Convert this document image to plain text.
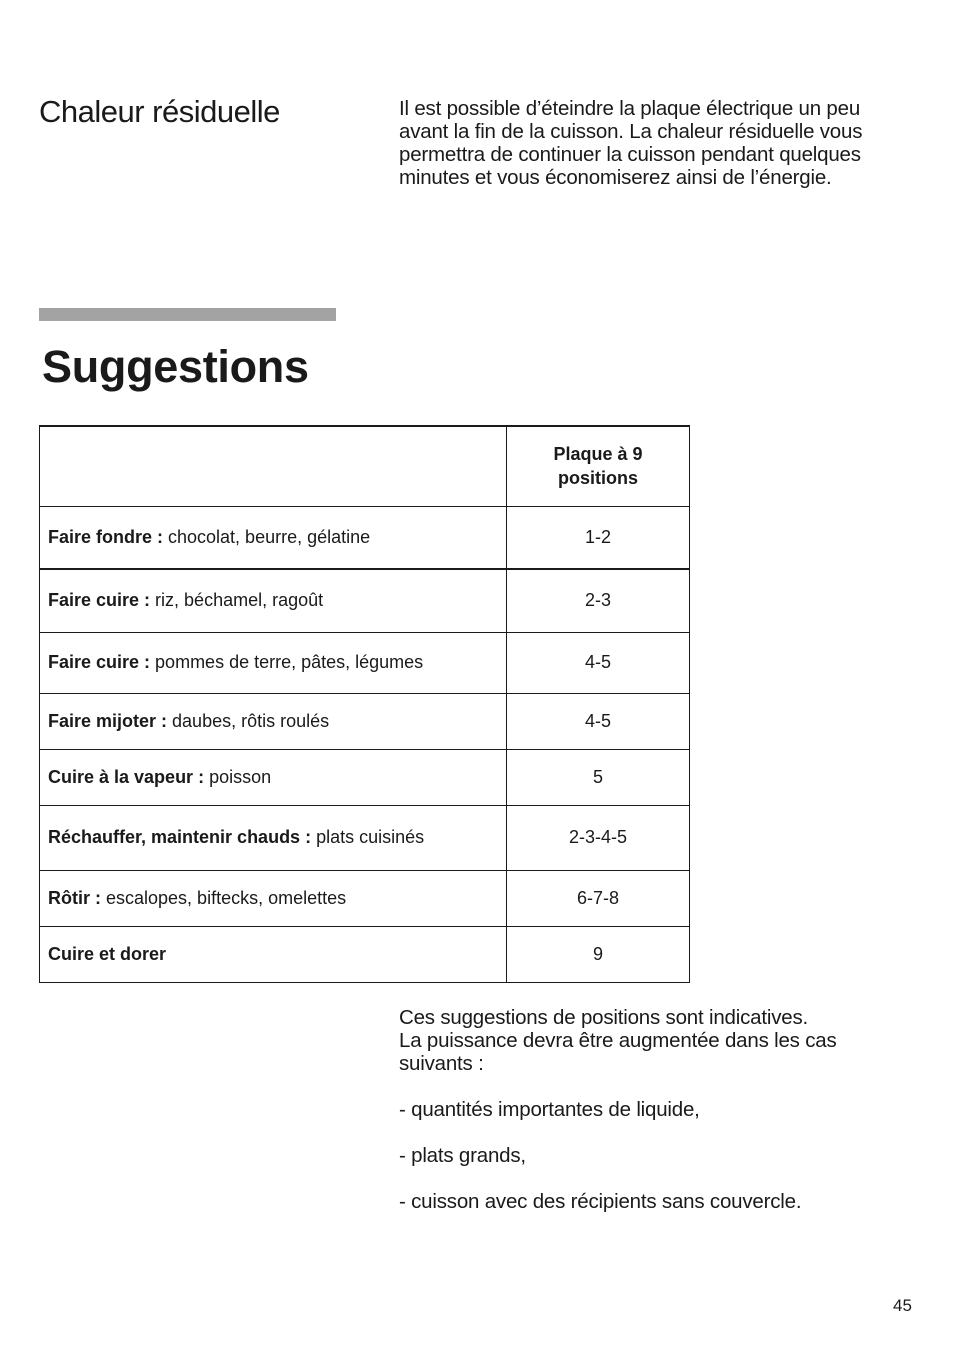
Chaleur résiduelle	Il est possible d’éteindre la plaque électrique un peu
avant la fin de la cuisson. La chaleur résiduelle vous
permettra de continuer la cuisson pendant quelques
minutes et vous économiserez ainsi de l’énergie.

Suggestions
	Plaque à 9
positions
Faire fondre : chocolat, beurre, gélatine	1-2
Faire cuire : riz, béchamel, ragoût	2-3
Faire cuire : pommes de terre, pâtes, légumes	4-5
Faire mijoter : daubes, rôtis roulés	4-5
Cuire à la vapeur : poisson	5
Réchauffer, maintenir chauds : plats cuisinés	2-3-4-5
Rôtir : escalopes, biftecks, omelettes	6-7-8
Cuire et dorer	9

Ces suggestions de positions sont indicatives.
La puissance devra être augmentée dans les cas
suivants :
- quantités importantes de liquide,
- plats grands,
- cuisson avec des récipients sans couvercle.

45
